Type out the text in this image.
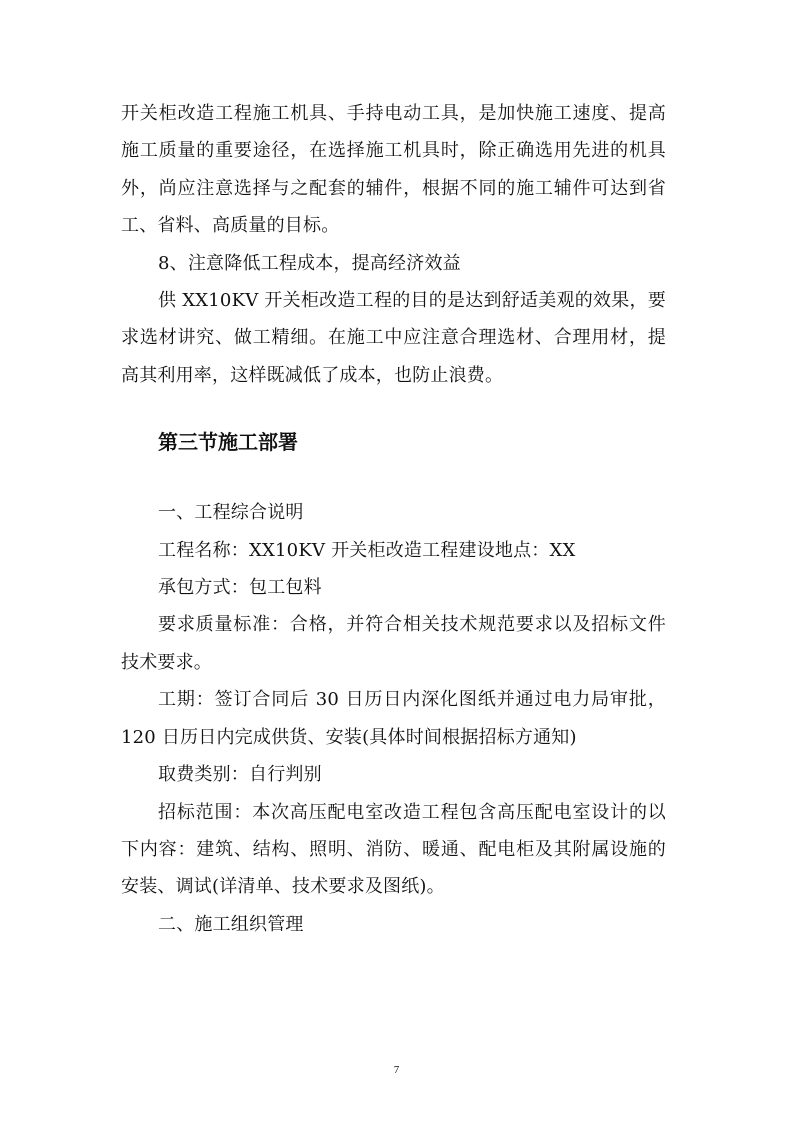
开关柜改造工程施工机具、手持电动工具，是加快施工速度、提高施工质量的重要途径，在选择施工机具时，除正确选用先进的机具外，尚应注意选择与之配套的辅件，根据不同的施工辅件可达到省工、省料、高质量的目标。

8、注意降低工程成本，提高经济效益

供 XX10KV 开关柜改造工程的目的是达到舒适美观的效果，要求选材讲究、做工精细。在施工中应注意合理选材、合理用材，提高其利用率，这样既减低了成本，也防止浪费。

第三节施工部署

一、工程综合说明

工程名称：XX10KV 开关柜改造工程建设地点：XX

承包方式：包工包料

要求质量标准：合格，并符合相关技术规范要求以及招标文件技术要求。

工期：签订合同后 30 日历日内深化图纸并通过电力局审批，120 日历日内完成供货、安装(具体时间根据招标方通知)

取费类别：自行判别

招标范围：本次高压配电室改造工程包含高压配电室设计的以下内容：建筑、结构、照明、消防、暖通、配电柜及其附属设施的安装、调试(详清单、技术要求及图纸)。

二、施工组织管理

7
